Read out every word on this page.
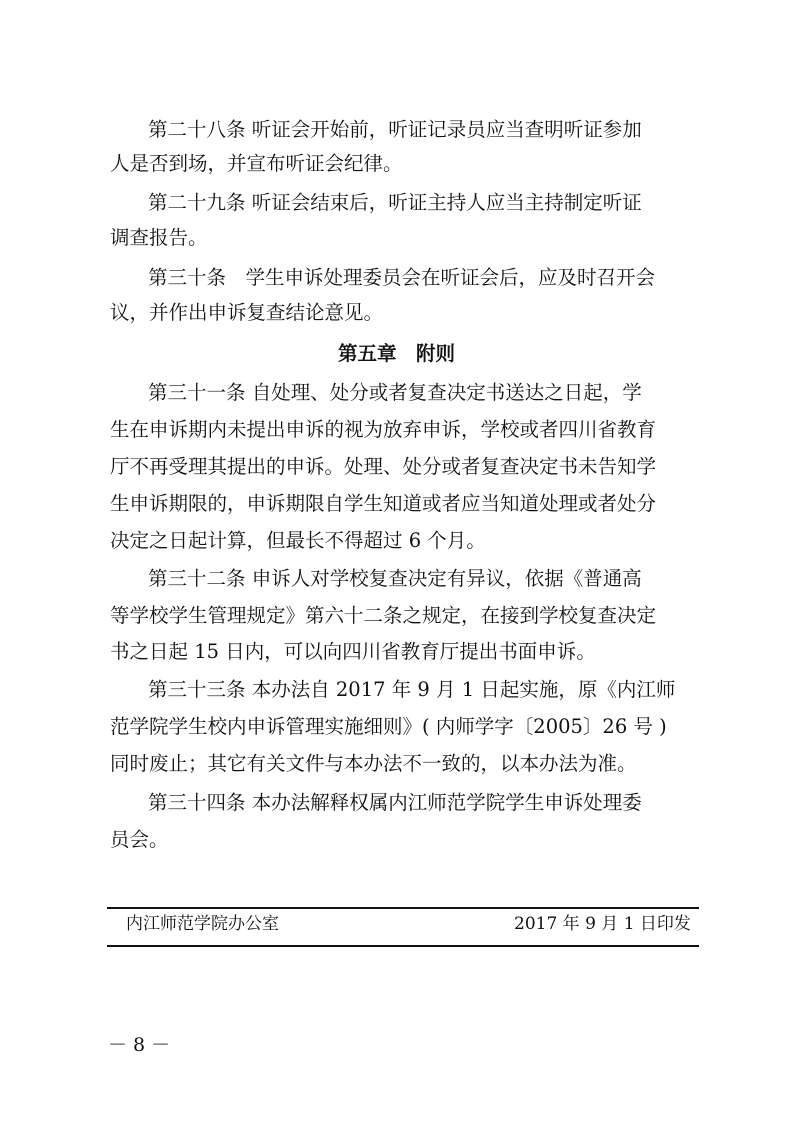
第二十八条 听证会开始前，听证记录员应当查明听证参加
人是否到场，并宣布听证会纪律。
第二十九条 听证会结束后，听证主持人应当主持制定听证
调查报告。
第三十条　学生申诉处理委员会在听证会后，应及时召开会
议，并作出申诉复查结论意见。
第五章　附则
第三十一条 自处理、处分或者复查决定书送达之日起，学
生在申诉期内未提出申诉的视为放弃申诉，学校或者四川省教育
厅不再受理其提出的申诉。处理、处分或者复查决定书未告知学
生申诉期限的，申诉期限自学生知道或者应当知道处理或者处分
决定之日起计算，但最长不得超过 6 个月。
第三十二条 申诉人对学校复查决定有异议，依据《普通高
等学校学生管理规定》第六十二条之规定，在接到学校复查决定
书之日起 15 日内，可以向四川省教育厅提出书面申诉。
第三十三条 本办法自 2017 年 9 月 1 日起实施，原《内江师
范学院学生校内申诉管理实施细则》( 内师学字〔2005〕26 号 )
同时废止；其它有关文件与本办法不一致的，以本办法为准。
第三十四条 本办法解释权属内江师范学院学生申诉处理委
员会。
内江师范学院办公室	2017 年 9 月 1 日印发
－ 8 －
